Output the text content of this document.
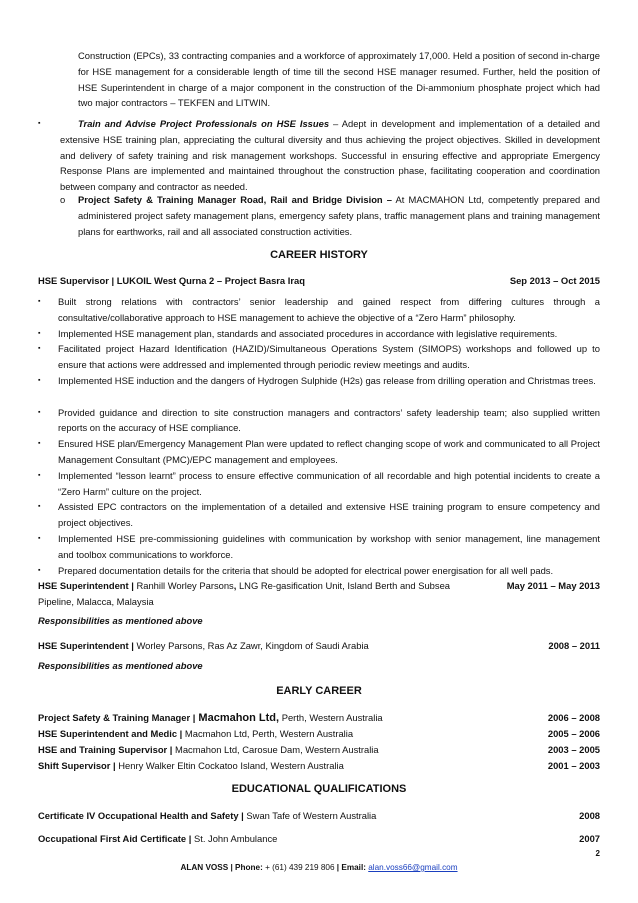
Construction (EPCs), 33 contracting companies and a workforce of approximately 17,000. Held a position of second in-charge for HSE management for a considerable length of time till the second HSE manager resumed. Further, held the position of HSE Superintendent in charge of a major component in the construction of the Di-ammonium phosphate project which had two major contractors – TEKFEN and LITWIN.
▪	Train and Advise Project Professionals on HSE Issues – Adept in development and implementation of a detailed and extensive HSE training plan, appreciating the cultural diversity and thus achieving the project objectives. Skilled in development and delivery of safety training and risk management workshops. Successful in ensuring effective and appropriate Emergency Response Plans are implemented and maintained throughout the construction phase, facilitating cooperation and coordination between company and contractor as needed.
o Project Safety & Training Manager Road, Rail and Bridge Division – At MACMAHON Ltd, competently prepared and administered project safety management plans, emergency safety plans, traffic management plans and training management plans for earthworks, rail and all associated construction activities.
CAREER HISTORY
HSE Supervisor | LUKOIL West Qurna 2 – Project Basra Iraq	Sep 2013 – Oct 2015
▪ Built strong relations with contractors’ senior leadership and gained respect from differing cultures through a consultative/collaborative approach to HSE management to achieve the objective of a “Zero Harm” philosophy.
▪ Implemented HSE management plan, standards and associated procedures in accordance with legislative requirements.
▪ Facilitated project Hazard Identification (HAZID)/Simultaneous Operations System (SIMOPS) workshops and followed up to ensure that actions were addressed and implemented through periodic review meetings and audits.
▪ Implemented HSE induction and the dangers of Hydrogen Sulphide (H2s) gas release from drilling operation and Christmas trees.
▪ Provided guidance and direction to site construction managers and contractors’ safety leadership team; also supplied written reports on the accuracy of HSE compliance.
▪ Ensured HSE plan/Emergency Management Plan were updated to reflect changing scope of work and communicated to all Project Management Consultant (PMC)/EPC management and employees.
▪ Implemented “lesson learnt” process to ensure effective communication of all recordable and high potential incidents to create a “Zero Harm” culture on the project.
▪ Assisted EPC contractors on the implementation of a detailed and extensive HSE training program to ensure competency and project objectives.
▪ Implemented HSE pre-commissioning guidelines with communication by workshop with senior management, line management and toolbox communications to workforce.
▪ Prepared documentation details for the criteria that should be adopted for electrical power energisation for all well pads.
HSE Superintendent | Ranhill Worley Parsons, LNG Re-gasification Unit, Island Berth and Subsea Pipeline, Malacca, Malaysia
May 2011 – May 2013
Responsibilities as mentioned above
HSE Superintendent | Worley Parsons, Ras Az Zawr, Kingdom of Saudi Arabia	2008 – 2011
Responsibilities as mentioned above
EARLY CAREER
Project Safety & Training Manager | Macmahon Ltd, Perth, Western Australia	2006 – 2008
HSE Superintendent and Medic | Macmahon Ltd, Perth, Western Australia	2005 – 2006
HSE and Training Supervisor | Macmahon Ltd, Carosue Dam, Western Australia	2003 – 2005
Shift Supervisor | Henry Walker Eltin Cockatoo Island, Western Australia	2001 – 2003
EDUCATIONAL QUALIFICATIONS
Certificate IV Occupational Health and Safety | Swan Tafe of Western Australia	2008
Occupational First Aid Certificate | St. John Ambulance	2007
2
ALAN VOSS | Phone: + (61) 439 219 806 | Email: alan.voss66@gmail.com
